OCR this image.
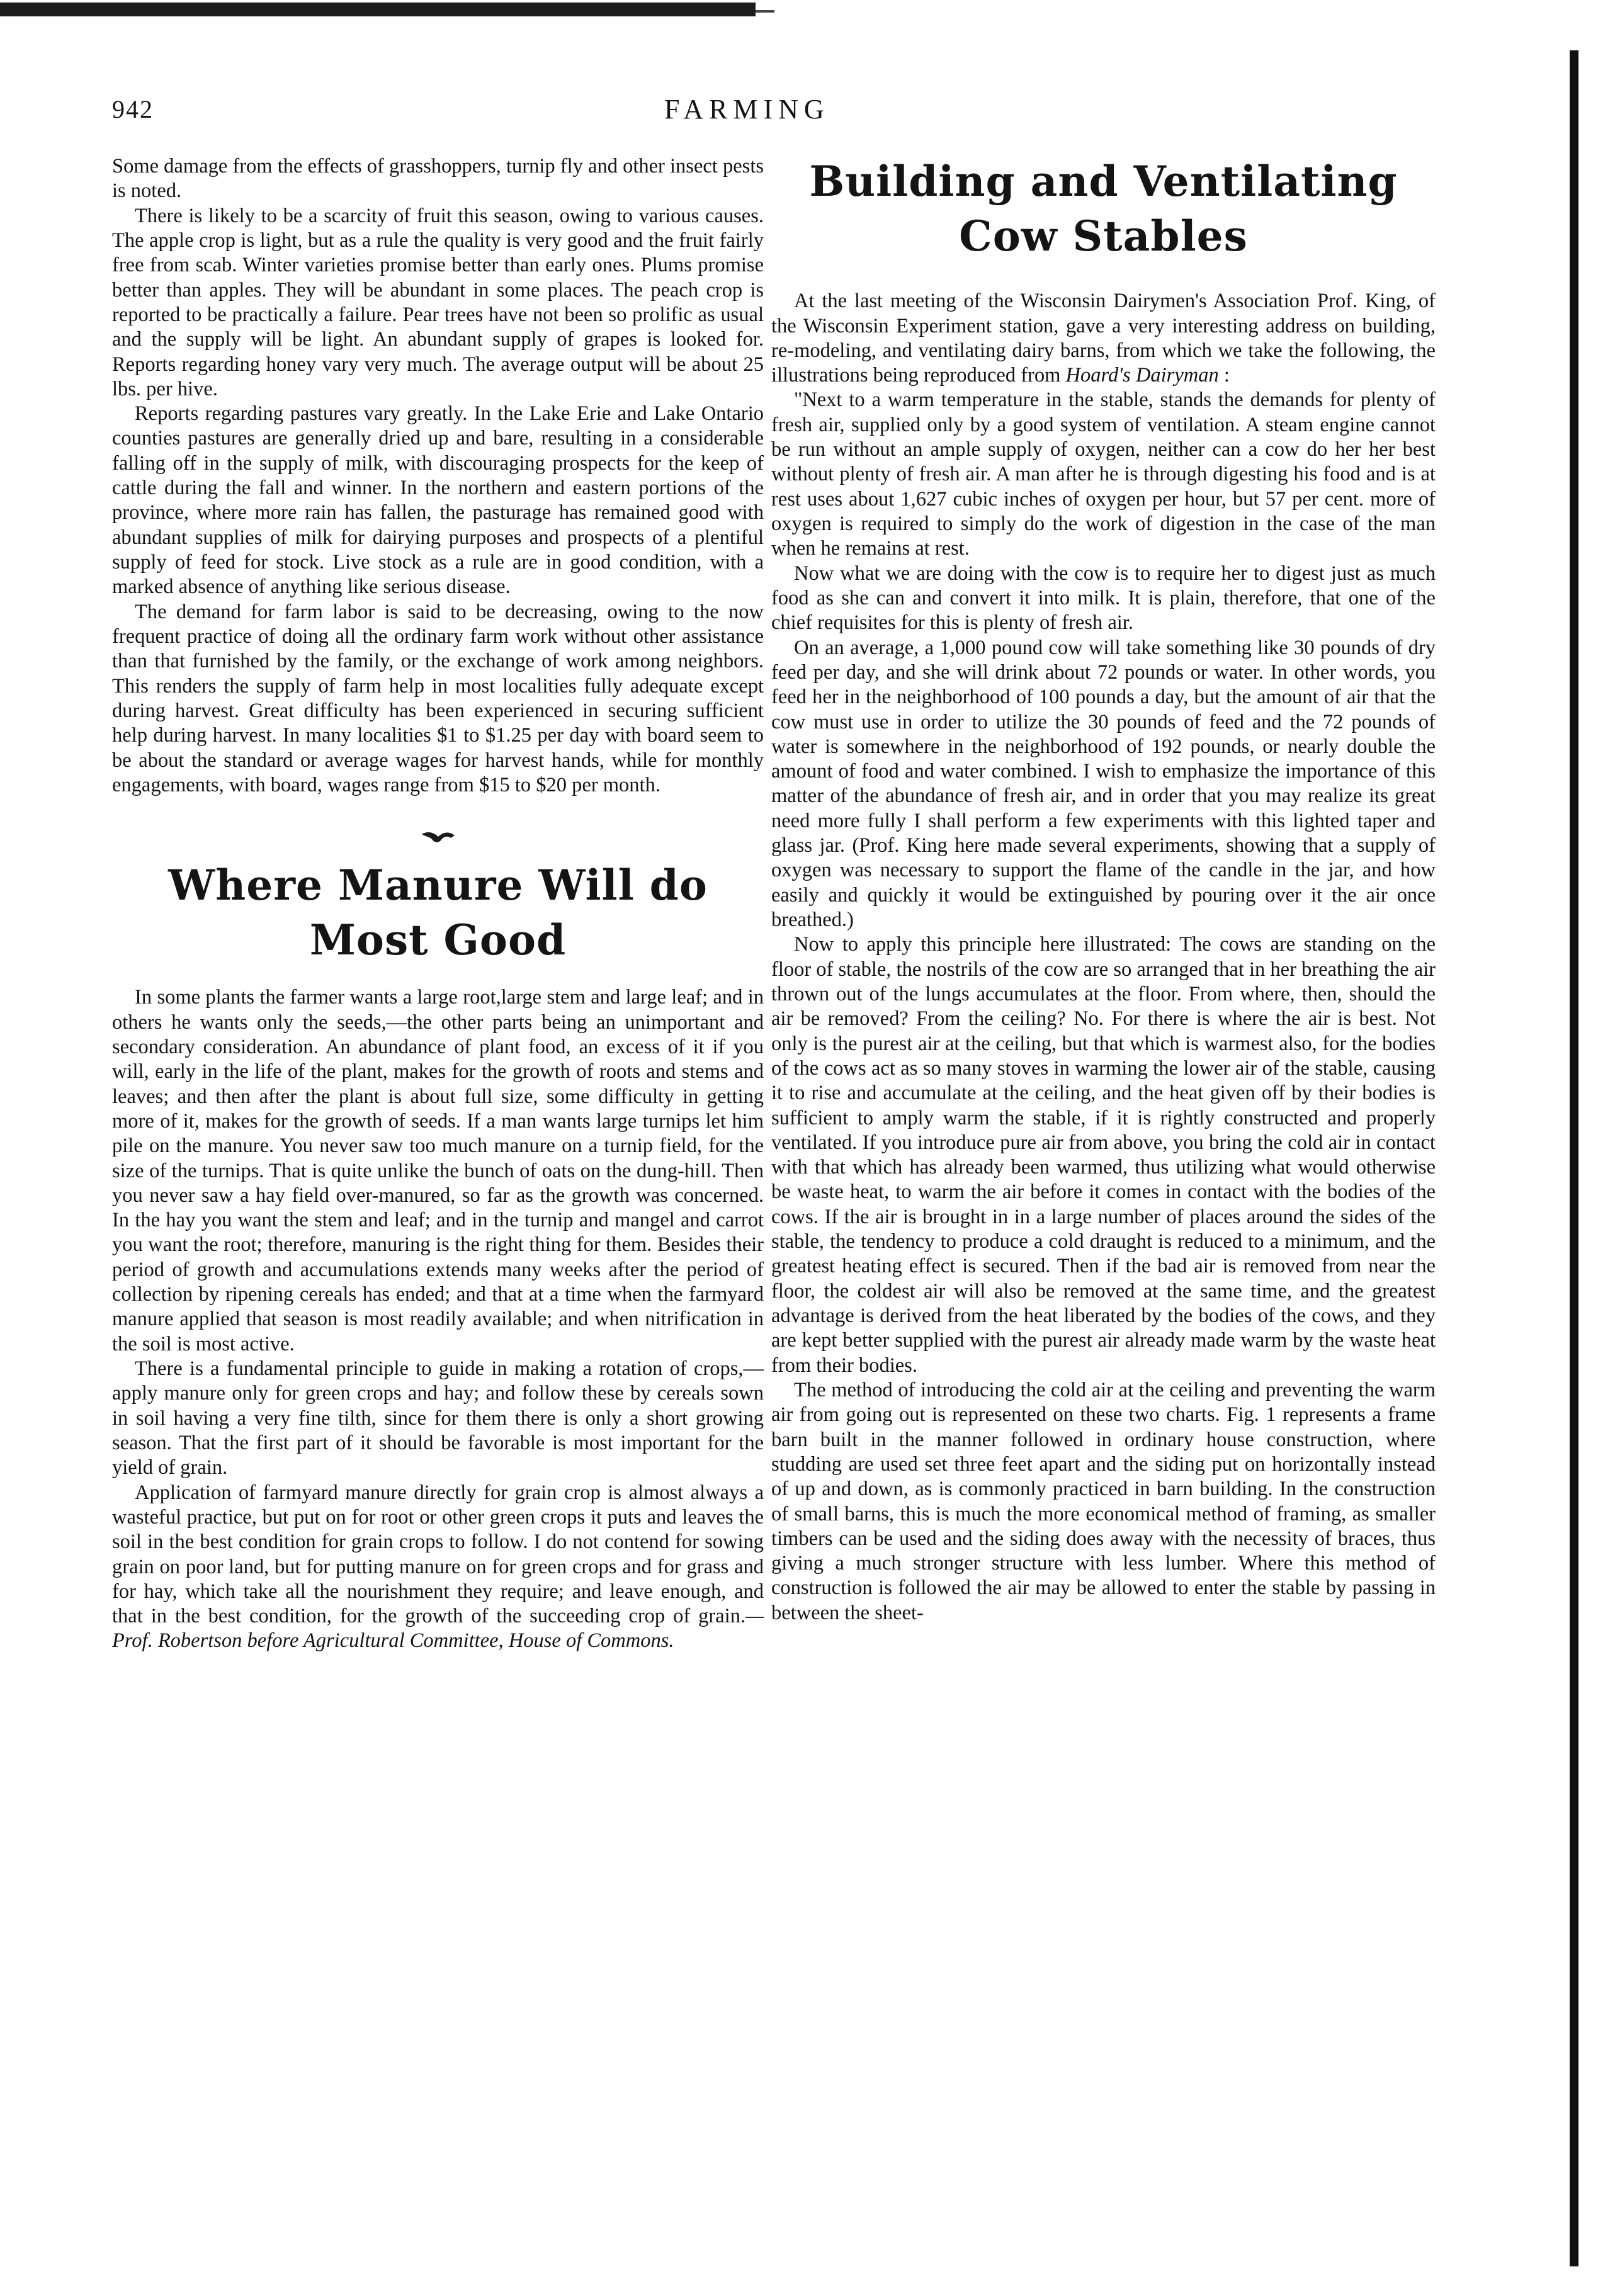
942	FARMING

Some damage from the effects of grasshoppers, turnip fly and other insect pests is noted.

There is likely to be a scarcity of fruit this season, owing to various causes. The apple crop is light, but as a rule the quality is very good and the fruit fairly free from scab. Winter varieties promise better than early ones. Plums promise better than apples. They will be abundant in some places. The peach crop is reported to be practically a failure. Pear trees have not been so prolific as usual and the supply will be light. An abundant supply of grapes is looked for. Reports regarding honey vary very much. The average output will be about 25 lbs. per hive.

Reports regarding pastures vary greatly. In the Lake Erie and Lake Ontario counties pastures are generally dried up and bare, resulting in a considerable falling off in the supply of milk, with discouraging prospects for the keep of cattle during the fall and winner. In the northern and eastern portions of the province, where more rain has fallen, the pasturage has remained good with abundant supplies of milk for dairying purposes and prospects of a plentiful supply of feed for stock. Live stock as a rule are in good condition, with a marked absence of anything like serious disease.

The demand for farm labor is said to be decreasing, owing to the now frequent practice of doing all the ordinary farm work without other assistance than that furnished by the family, or the exchange of work among neighbors. This renders the supply of farm help in most localities fully adequate except during harvest. Great difficulty has been experienced in securing sufficient help during harvest. In many localities $1 to $1.25 per day with board seem to be about the standard or average wages for harvest hands, while for monthly engagements, with board, wages range from $15 to $20 per month.

Where Manure Will do Most Good

In some plants the farmer wants a large root,large stem and large leaf; and in others he wants only the seeds,—the other parts being an unimportant and secondary consideration. An abundance of plant food, an excess of it if you will, early in the life of the plant, makes for the growth of roots and stems and leaves; and then after the plant is about full size, some difficulty in getting more of it, makes for the growth of seeds. If a man wants large turnips let him pile on the manure. You never saw too much manure on a turnip field, for the size of the turnips. That is quite unlike the bunch of oats on the dung-hill. Then you never saw a hay field over-manured, so far as the growth was concerned. In the hay you want the stem and leaf; and in the turnip and mangel and carrot you want the root; therefore, manuring is the right thing for them. Besides their period of growth and accumulations extends many weeks after the period of collection by ripening cereals has ended; and that at a time when the farmyard manure applied that season is most readily available; and when nitrification in the soil is most active.

There is a fundamental principle to guide in making a rotation of crops,—apply manure only for green crops and hay; and follow these by cereals sown in soil having a very fine tilth, since for them there is only a short growing season. That the first part of it should be favorable is most important for the yield of grain.

Application of farmyard manure directly for grain crop is almost always a wasteful practice, but put on for root or other green crops it puts and leaves the soil in the best condition for grain crops to follow. I do not contend for sowing grain on poor land, but for putting manure on for green crops and for grass and for hay, which take all the nourishment they require; and leave enough, and that in the best condition, for the growth of the succeeding crop of grain.—Prof. Robertson before Agricultural Committee, House of Commons.

Building and Ventilating Cow Stables

At the last meeting of the Wisconsin Dairymen's Association Prof. King, of the Wisconsin Experiment station, gave a very interesting address on building, re-modeling, and ventilating dairy barns, from which we take the following, the illustrations being reproduced from Hoard's Dairyman :

"Next to a warm temperature in the stable, stands the demands for plenty of fresh air, supplied only by a good system of ventilation. A steam engine cannot be run without an ample supply of oxygen, neither can a cow do her her best without plenty of fresh air. A man after he is through digesting his food and is at rest uses about 1,627 cubic inches of oxygen per hour, but 57 per cent. more of oxygen is required to simply do the work of digestion in the case of the man when he remains at rest.

Now what we are doing with the cow is to require her to digest just as much food as she can and convert it into milk. It is plain, therefore, that one of the chief requisites for this is plenty of fresh air.

On an average, a 1,000 pound cow will take something like 30 pounds of dry feed per day, and she will drink about 72 pounds or water. In other words, you feed her in the neighborhood of 100 pounds a day, but the amount of air that the cow must use in order to utilize the 30 pounds of feed and the 72 pounds of water is somewhere in the neighborhood of 192 pounds, or nearly double the amount of food and water combined. I wish to emphasize the importance of this matter of the abundance of fresh air, and in order that you may realize its great need more fully I shall perform a few experiments with this lighted taper and glass jar. (Prof. King here made several experiments, showing that a supply of oxygen was necessary to support the flame of the candle in the jar, and how easily and quickly it would be extinguished by pouring over it the air once breathed.)

Now to apply this principle here illustrated: The cows are standing on the floor of stable, the nostrils of the cow are so arranged that in her breathing the air thrown out of the lungs accumulates at the floor. From where, then, should the air be removed? From the ceiling? No. For there is where the air is best. Not only is the purest air at the ceiling, but that which is warmest also, for the bodies of the cows act as so many stoves in warming the lower air of the stable, causing it to rise and accumulate at the ceiling, and the heat given off by their bodies is sufficient to amply warm the stable, if it is rightly constructed and properly ventilated. If you introduce pure air from above, you bring the cold air in contact with that which has already been warmed, thus utilizing what would otherwise be waste heat, to warm the air before it comes in contact with the bodies of the cows. If the air is brought in in a large number of places around the sides of the stable, the tendency to produce a cold draught is reduced to a minimum, and the greatest heating effect is secured. Then if the bad air is removed from near the floor, the coldest air will also be removed at the same time, and the greatest advantage is derived from the heat liberated by the bodies of the cows, and they are kept better supplied with the purest air already made warm by the waste heat from their bodies.

The method of introducing the cold air at the ceiling and preventing the warm air from going out is represented on these two charts. Fig. 1 represents a frame barn built in the manner followed in ordinary house construction, where studding are used set three feet apart and the siding put on horizontally instead of up and down, as is commonly practiced in barn building. In the construction of small barns, this is much the more economical method of framing, as smaller timbers can be used and the siding does away with the necessity of braces, thus giving a much stronger structure with less lumber. Where this method of construction is followed the air may be allowed to enter the stable by passing in between the sheet-
